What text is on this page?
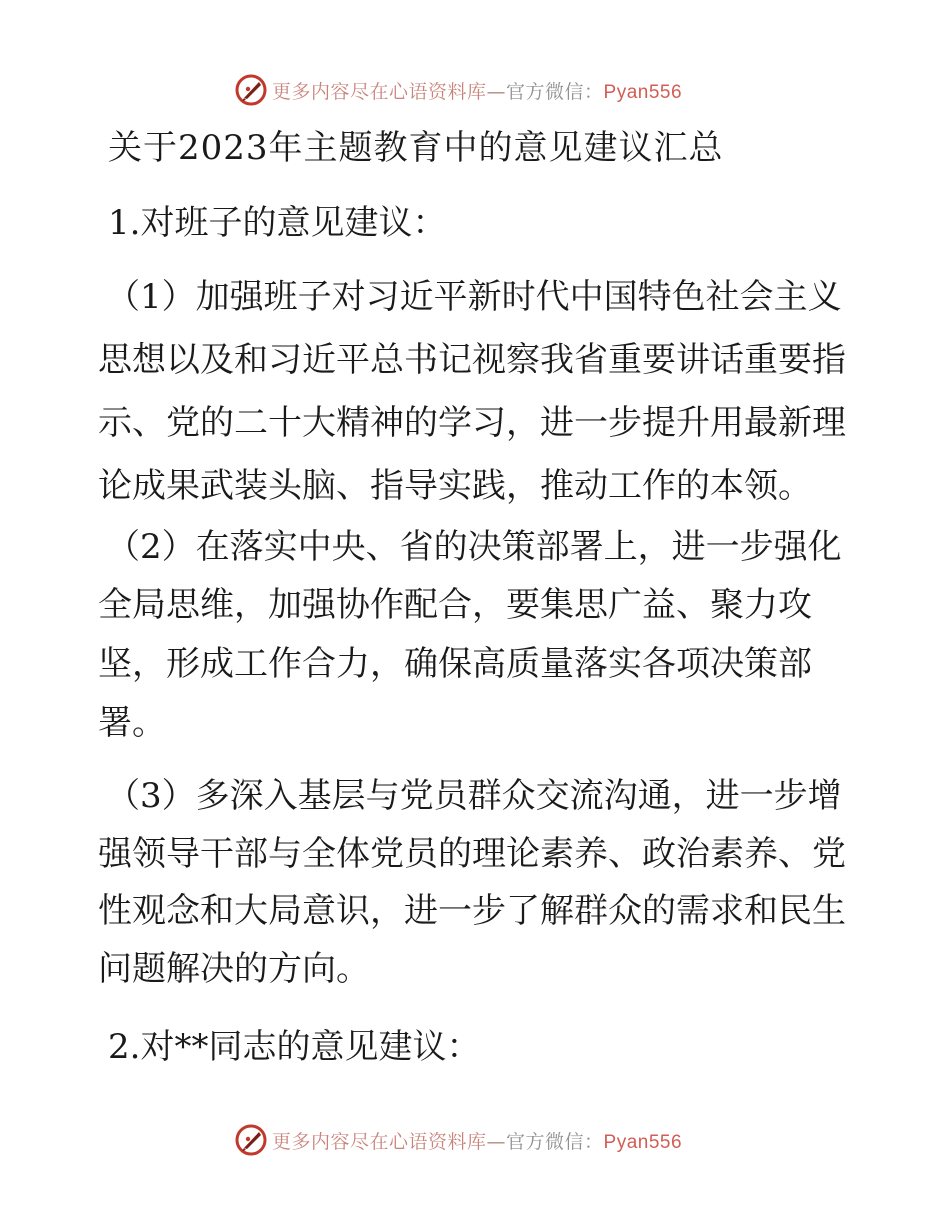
更多内容尽在心语资料库—官方微信：Pyan556
关于2023年主题教育中的意见建议汇总
1.对班子的意见建议：
（1）加强班子对习近平新时代中国特色社会主义
思想以及和习近平总书记视察我省重要讲话重要指
示、党的二十大精神的学习，进一步提升用最新理
论成果武装头脑、指导实践，推动工作的本领。
（2）在落实中央、省的决策部署上，进一步强化
全局思维，加强协作配合，要集思广益、聚力攻
坚，形成工作合力，确保高质量落实各项决策部
署。
（3）多深入基层与党员群众交流沟通，进一步增
强领导干部与全体党员的理论素养、政治素养、党
性观念和大局意识，进一步了解群众的需求和民生
问题解决的方向。
2.对**同志的意见建议：
更多内容尽在心语资料库—官方微信：Pyan556
